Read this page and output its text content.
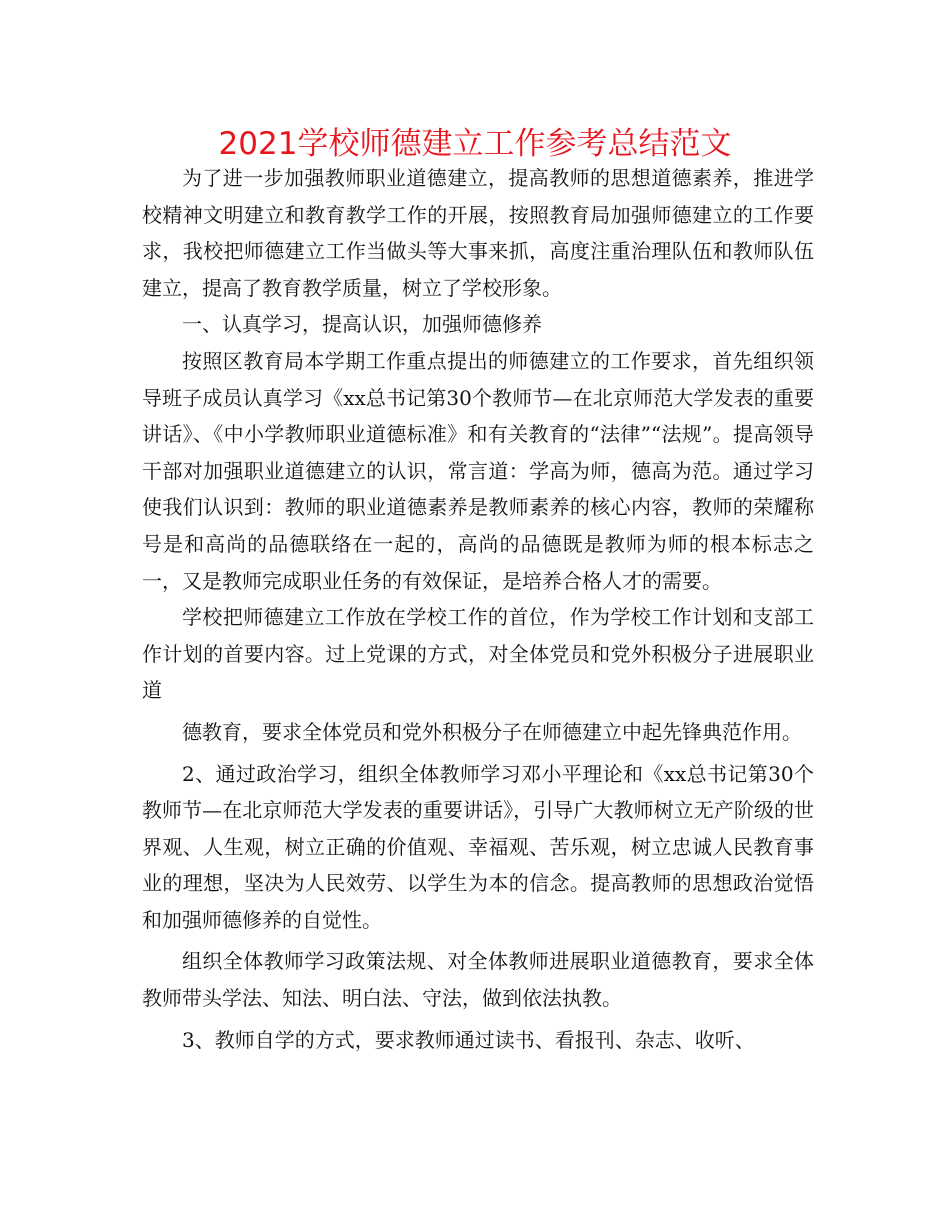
2021学校师德建立工作参考总结范文

为了进一步加强教师职业道德建立，提高教师的思想道德素养，推进学校精神文明建立和教育教学工作的开展，按照教育局加强师德建立的工作要求，我校把师德建立工作当做头等大事来抓，高度注重治理队伍和教师队伍建立，提高了教育教学质量，树立了学校形象。

一、认真学习，提高认识，加强师德修养

按照区教育局本学期工作重点提出的师德建立的工作要求，首先组织领导班子成员认真学习《xx总书记第30个教师节—在北京师范大学发表的重要讲话》、《中小学教师职业道德标准》和有关教育的“法律”“法规”。提高领导干部对加强职业道德建立的认识，常言道：学高为师，德高为范。通过学习使我们认识到：教师的职业道德素养是教师素养的核心内容，教师的荣耀称号是和高尚的品德联络在一起的，高尚的品德既是教师为师的根本标志之一，又是教师完成职业任务的有效保证，是培养合格人才的需要。

学校把师德建立工作放在学校工作的首位，作为学校工作计划和支部工作计划的首要内容。过上党课的方式，对全体党员和党外积极分子进展职业道

德教育，要求全体党员和党外积极分子在师德建立中起先锋典范作用。

2、通过政治学习，组织全体教师学习邓小平理论和《xx总书记第30个教师节—在北京师范大学发表的重要讲话》，引导广大教师树立无产阶级的世界观、人生观，树立正确的价值观、幸福观、苦乐观，树立忠诚人民教育事业的理想，坚决为人民效劳、以学生为本的信念。提高教师的思想政治觉悟和加强师德修养的自觉性。

组织全体教师学习政策法规、对全体教师进展职业道德教育，要求全体教师带头学法、知法、明白法、守法，做到依法执教。

3、教师自学的方式，要求教师通过读书、看报刊、杂志、收听、
